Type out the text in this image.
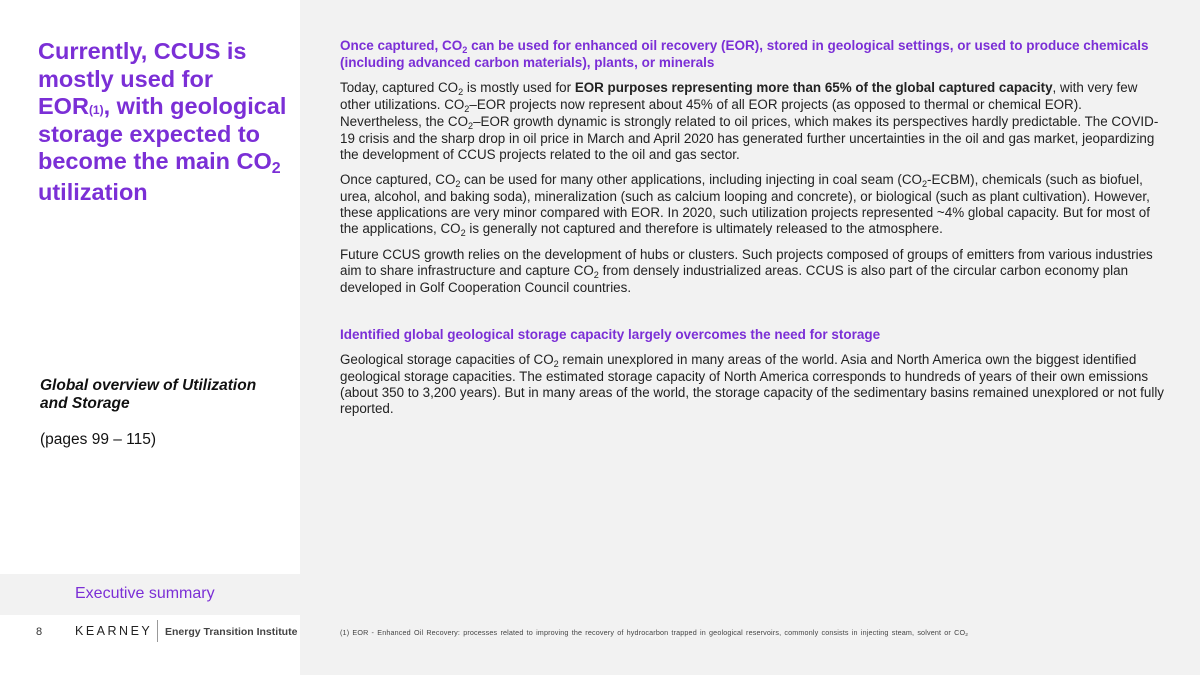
Currently, CCUS is mostly used for EOR$^{(1)}$, with geological storage expected to become the main $CO_2$
utilization
Global overview of Utilization and Storage
(pages 99 – 115)
Executive summary
8	KEARNEY Energy Transition Institute

Once captured, $CO_2$ can be used for enhanced oil recovery (EOR), stored in geological settings, or used to produce chemicals (including advanced carbon materials), plants, or minerals

Today, captured $CO_2$ is mostly used for EOR purposes representing more than 65% of the global captured capacity, with very few other utilizations. $CO_2$–EOR projects now represent about 45% of all EOR projects (as opposed to thermal or chemical EOR). Nevertheless, the $CO_2$–EOR growth dynamic is strongly related to oil prices, which makes its perspectives hardly predictable. The COVID-19 crisis and the sharp drop in oil price in March and April 2020 has generated further uncertainties in the oil and gas market, jeopardizing the development of CCUS projects related to the oil and gas sector.

Once captured, $CO_2$ can be used for many other applications, including injecting in coal seam $(CO_2-ECBM)$, chemicals (such as biofuel, urea, alcohol, and baking soda), mineralization (such as calcium looping and concrete), or biological (such as plant cultivation). However, these applications are very minor compared with EOR. In 2020, such utilization projects represented ~4% global capacity. But for most of the applications, $CO_2$ is generally not captured and therefore is ultimately released to the atmosphere.

Future CCUS growth relies on the development of hubs or clusters. Such projects composed of groups of emitters from various industries aim to share infrastructure and capture $CO_2$ from densely industrialized areas. CCUS is also part of the circular carbon economy plan developed in Golf Cooperation Council countries.

Identified global geological storage capacity largely overcomes the need for storage

Geological storage capacities of $CO_2$ remain unexplored in many areas of the world. Asia and North America own the biggest identified geological storage capacities. The estimated storage capacity of North America corresponds to hundreds of years of their own emissions (about 350 to 3,200 years). But in many areas of the world, the storage capacity of the sedimentary basins remained unexplored or not fully reported.

(1) EOR - Enhanced Oil Recovery: processes related to improving the recovery of hydrocarbon trapped in geological reservoirs, commonly consists in injecting steam, solvent or $CO_2$
